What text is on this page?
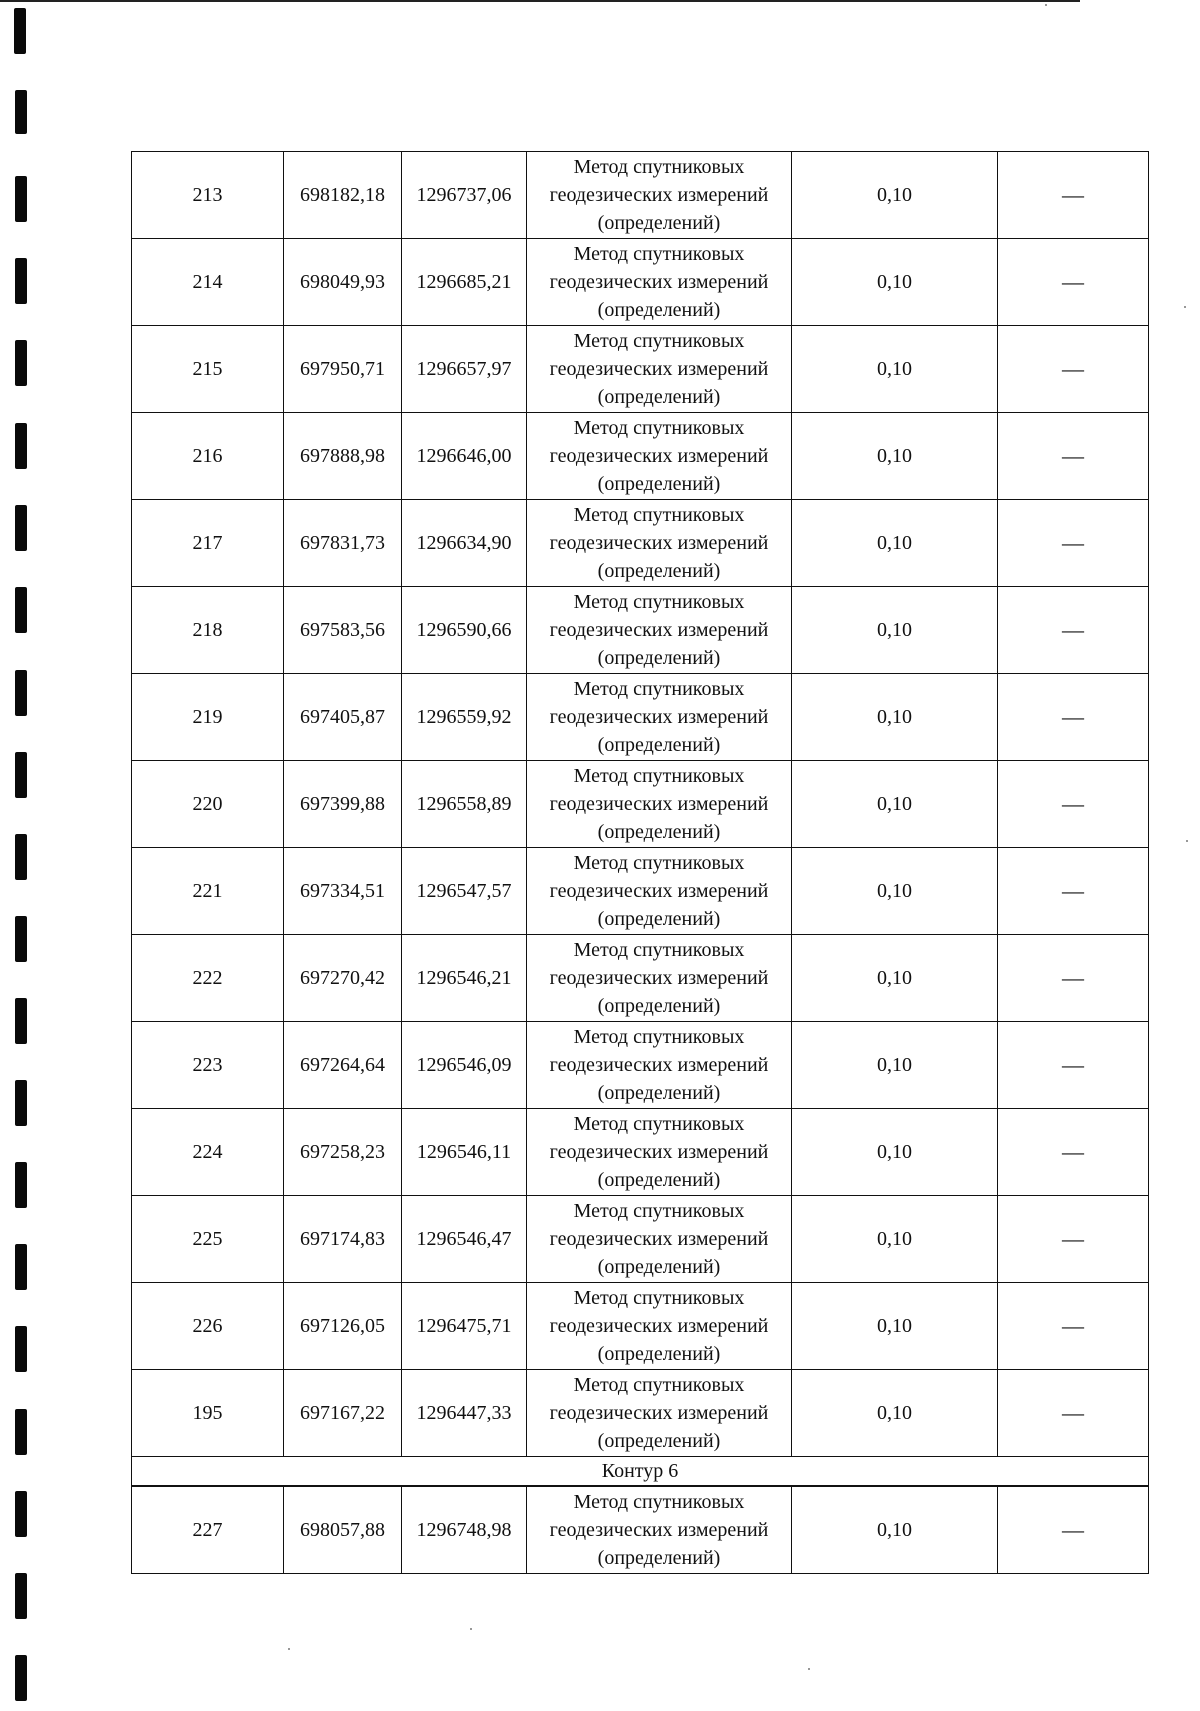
213	698182,18	1296737,06	Метод спутниковых
геодезических измерений
(определений)	0,10	—
214	698049,93	1296685,21	Метод спутниковых
геодезических измерений
(определений)	0,10	—
215	697950,71	1296657,97	Метод спутниковых
геодезических измерений
(определений)	0,10	—
216	697888,98	1296646,00	Метод спутниковых
геодезических измерений
(определений)	0,10	—
217	697831,73	1296634,90	Метод спутниковых
геодезических измерений
(определений)	0,10	—
218	697583,56	1296590,66	Метод спутниковых
геодезических измерений
(определений)	0,10	—
219	697405,87	1296559,92	Метод спутниковых
геодезических измерений
(определений)	0,10	—
220	697399,88	1296558,89	Метод спутниковых
геодезических измерений
(определений)	0,10	—
221	697334,51	1296547,57	Метод спутниковых
геодезических измерений
(определений)	0,10	—
222	697270,42	1296546,21	Метод спутниковых
геодезических измерений
(определений)	0,10	—
223	697264,64	1296546,09	Метод спутниковых
геодезических измерений
(определений)	0,10	—
224	697258,23	1296546,11	Метод спутниковых
геодезических измерений
(определений)	0,10	—
225	697174,83	1296546,47	Метод спутниковых
геодезических измерений
(определений)	0,10	—
226	697126,05	1296475,71	Метод спутниковых
геодезических измерений
(определений)	0,10	—
195	697167,22	1296447,33	Метод спутниковых
геодезических измерений
(определений)	0,10	—
Контур 6					
227	698057,88	1296748,98	Метод спутниковых
геодезических измерений
(определений)	0,10	—
